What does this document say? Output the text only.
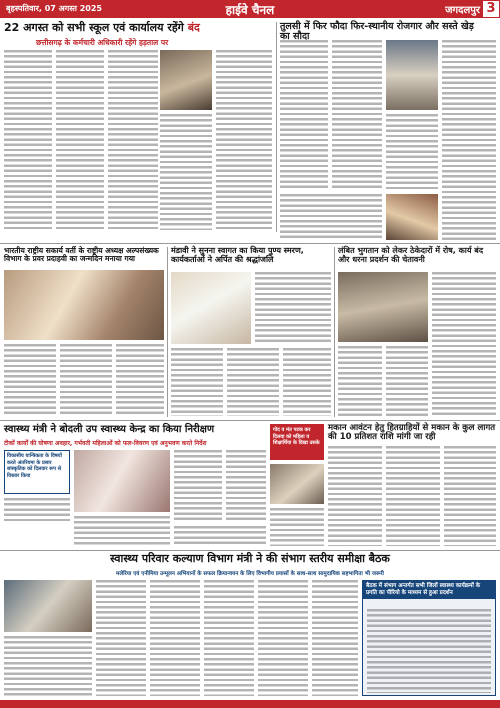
बृहस्पतिवार, 07 अगस्त 2025	हाईवे चैनल	जगदलपुर 3
22 अगस्त को सभी स्कूल एवं कार्यालय रहेंगे बंद
छत्तीसगढ़ के कर्मचारी अधिकारी रहेंगे हड़ताल पर
तुलसी में फिर फौदा फिर-स्थानीय रोजगार और सस्ते खेड़ का सौदा
भारतीय राष्ट्रीय सकार्य वर्ती के राष्ट्रीय अध्यक्ष अल्पसंख्यक विभाग के प्रवर प्रदाहवी का जन्मदिन मनाया गया
मंडावी ने सुनना स्वागत का किया पुण्य स्मरण, कार्यकर्ताओं ने अर्पित की श्रद्धांजलि
लंबित भुगतान को लेकर ठेकेदारों में रोष, कार्य बंद और धरना प्रदर्शन की चेतावनी
स्वास्थ्य मंत्री ने बोदली उप स्वास्थ्य केन्द्र का किया निरीक्षण
टीकों कार्यों की घोषणा अवहार, गर्भवती महिलाओं को फल-विवरण एवं अनुभवण करते निर्देश
विकासीय यान्त्रिकता के विषयों करते अंतरियमा के प्रसार सांस्कृतिक को दिलवार रूप से विस्तार किया
गोद व मंत पटक कर दिलवा को महिला व शिक्षार्थिया के दिखा उसके
मकान आवंटन हेतु हितग्राहियों से मकान के कुल लागत की 10 प्रतिशत राशि मांगी जा रही
स्वास्थ्य परिवार कल्याण विभाग मंत्री ने की संभाग स्तरीय समीक्षा बैठक
मलेरिया एवं एनीमिया उन्मूलन अभियानों के सफल क्रियान्वयन के लिए विभागीय प्रयासों के साथ-साथ सामुदायिक सहभागिता भी जरूरी
बैठक में संभाग अन्तर्गत सभी जिलों स्वास्थ्य कार्यक्रमों के प्रगति का पीरियो के माध्यम से हुआ प्रदर्शन
